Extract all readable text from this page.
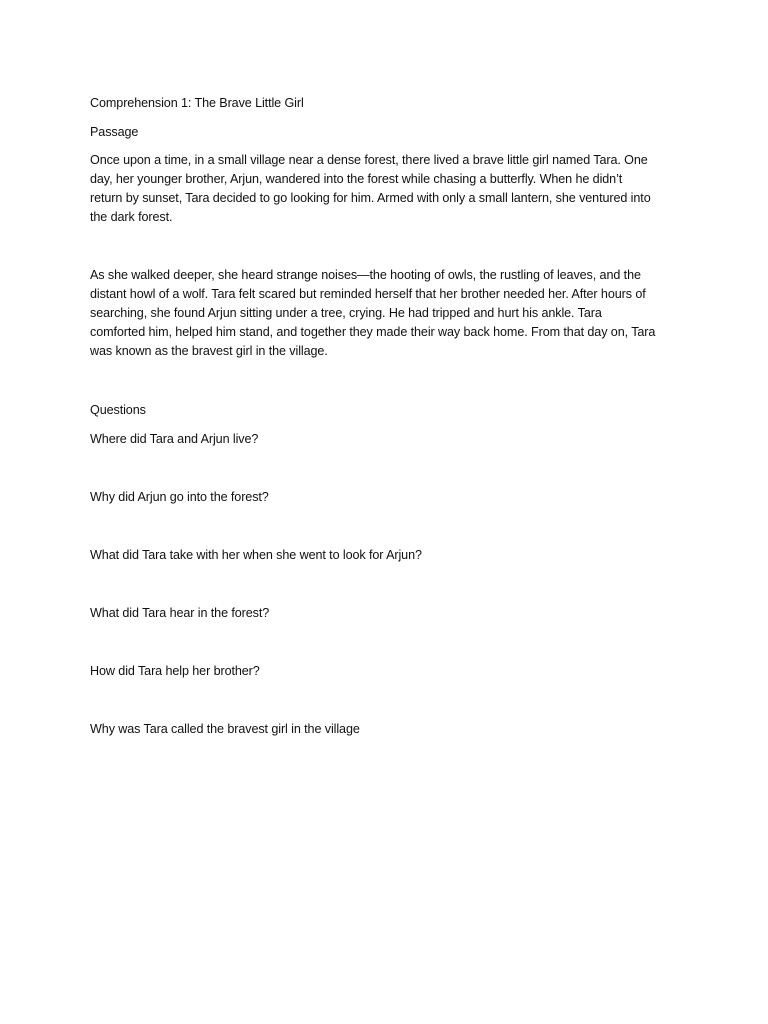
Comprehension 1: The Brave Little Girl

Passage

Once upon a time, in a small village near a dense forest, there lived a brave little girl named Tara. One

day, her younger brother, Arjun, wandered into the forest while chasing a butterfly. When he didn’t

return by sunset, Tara decided to go looking for him. Armed with only a small lantern, she ventured into

the dark forest.

As she walked deeper, she heard strange noises—the hooting of owls, the rustling of leaves, and the

distant howl of a wolf. Tara felt scared but reminded herself that her brother needed her. After hours of

searching, she found Arjun sitting under a tree, crying. He had tripped and hurt his ankle. Tara

comforted him, helped him stand, and together they made their way back home. From that day on, Tara

was known as the bravest girl in the village.

Questions

Where did Tara and Arjun live?

Why did Arjun go into the forest?

What did Tara take with her when she went to look for Arjun?

What did Tara hear in the forest?

How did Tara help her brother?

Why was Tara called the bravest girl in the village
